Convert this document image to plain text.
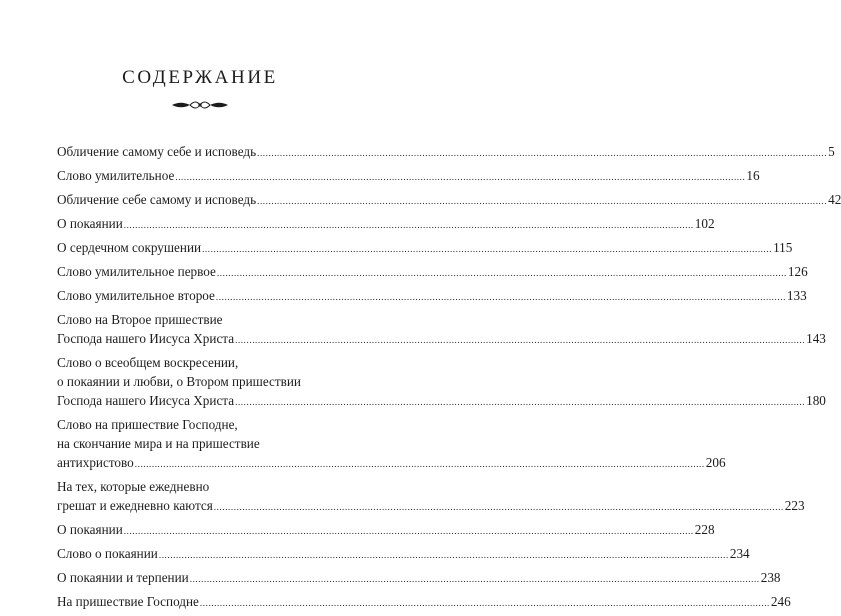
СОДЕРЖАНИЕ
Обличение самому себе и исповедь ........................................................................................................................................................................................................ 5
Слово умилительное ........................................................................................................................................................................................................ 16
Обличение себе самому и исповедь ........................................................................................................................................................................................................ 42
О покаянии ........................................................................................................................................................................................................ 102
О сердечном сокрушении ........................................................................................................................................................................................................ 115
Слово умилительное первое ........................................................................................................................................................................................................ 126
Слово умилительное второе ........................................................................................................................................................................................................ 133
Слово на Второе пришествие
Господа нашего Иисуса Христа ........................................................................................................................................................................................................ 143
Слово о всеобщем воскресении,
о покаянии и любви, о Втором пришествии
Господа нашего Иисуса Христа ........................................................................................................................................................................................................ 180
Слово на пришествие Господне,
на скончание мира и на пришествие
антихристово ........................................................................................................................................................................................................ 206
На тех, которые ежедневно
грешат и ежедневно каются ........................................................................................................................................................................................................ 223
О покаянии ........................................................................................................................................................................................................ 228
Слово о покаянии ........................................................................................................................................................................................................ 234
О покаянии и терпении ........................................................................................................................................................................................................ 238
На пришествие Господне ........................................................................................................................................................................................................ 246
